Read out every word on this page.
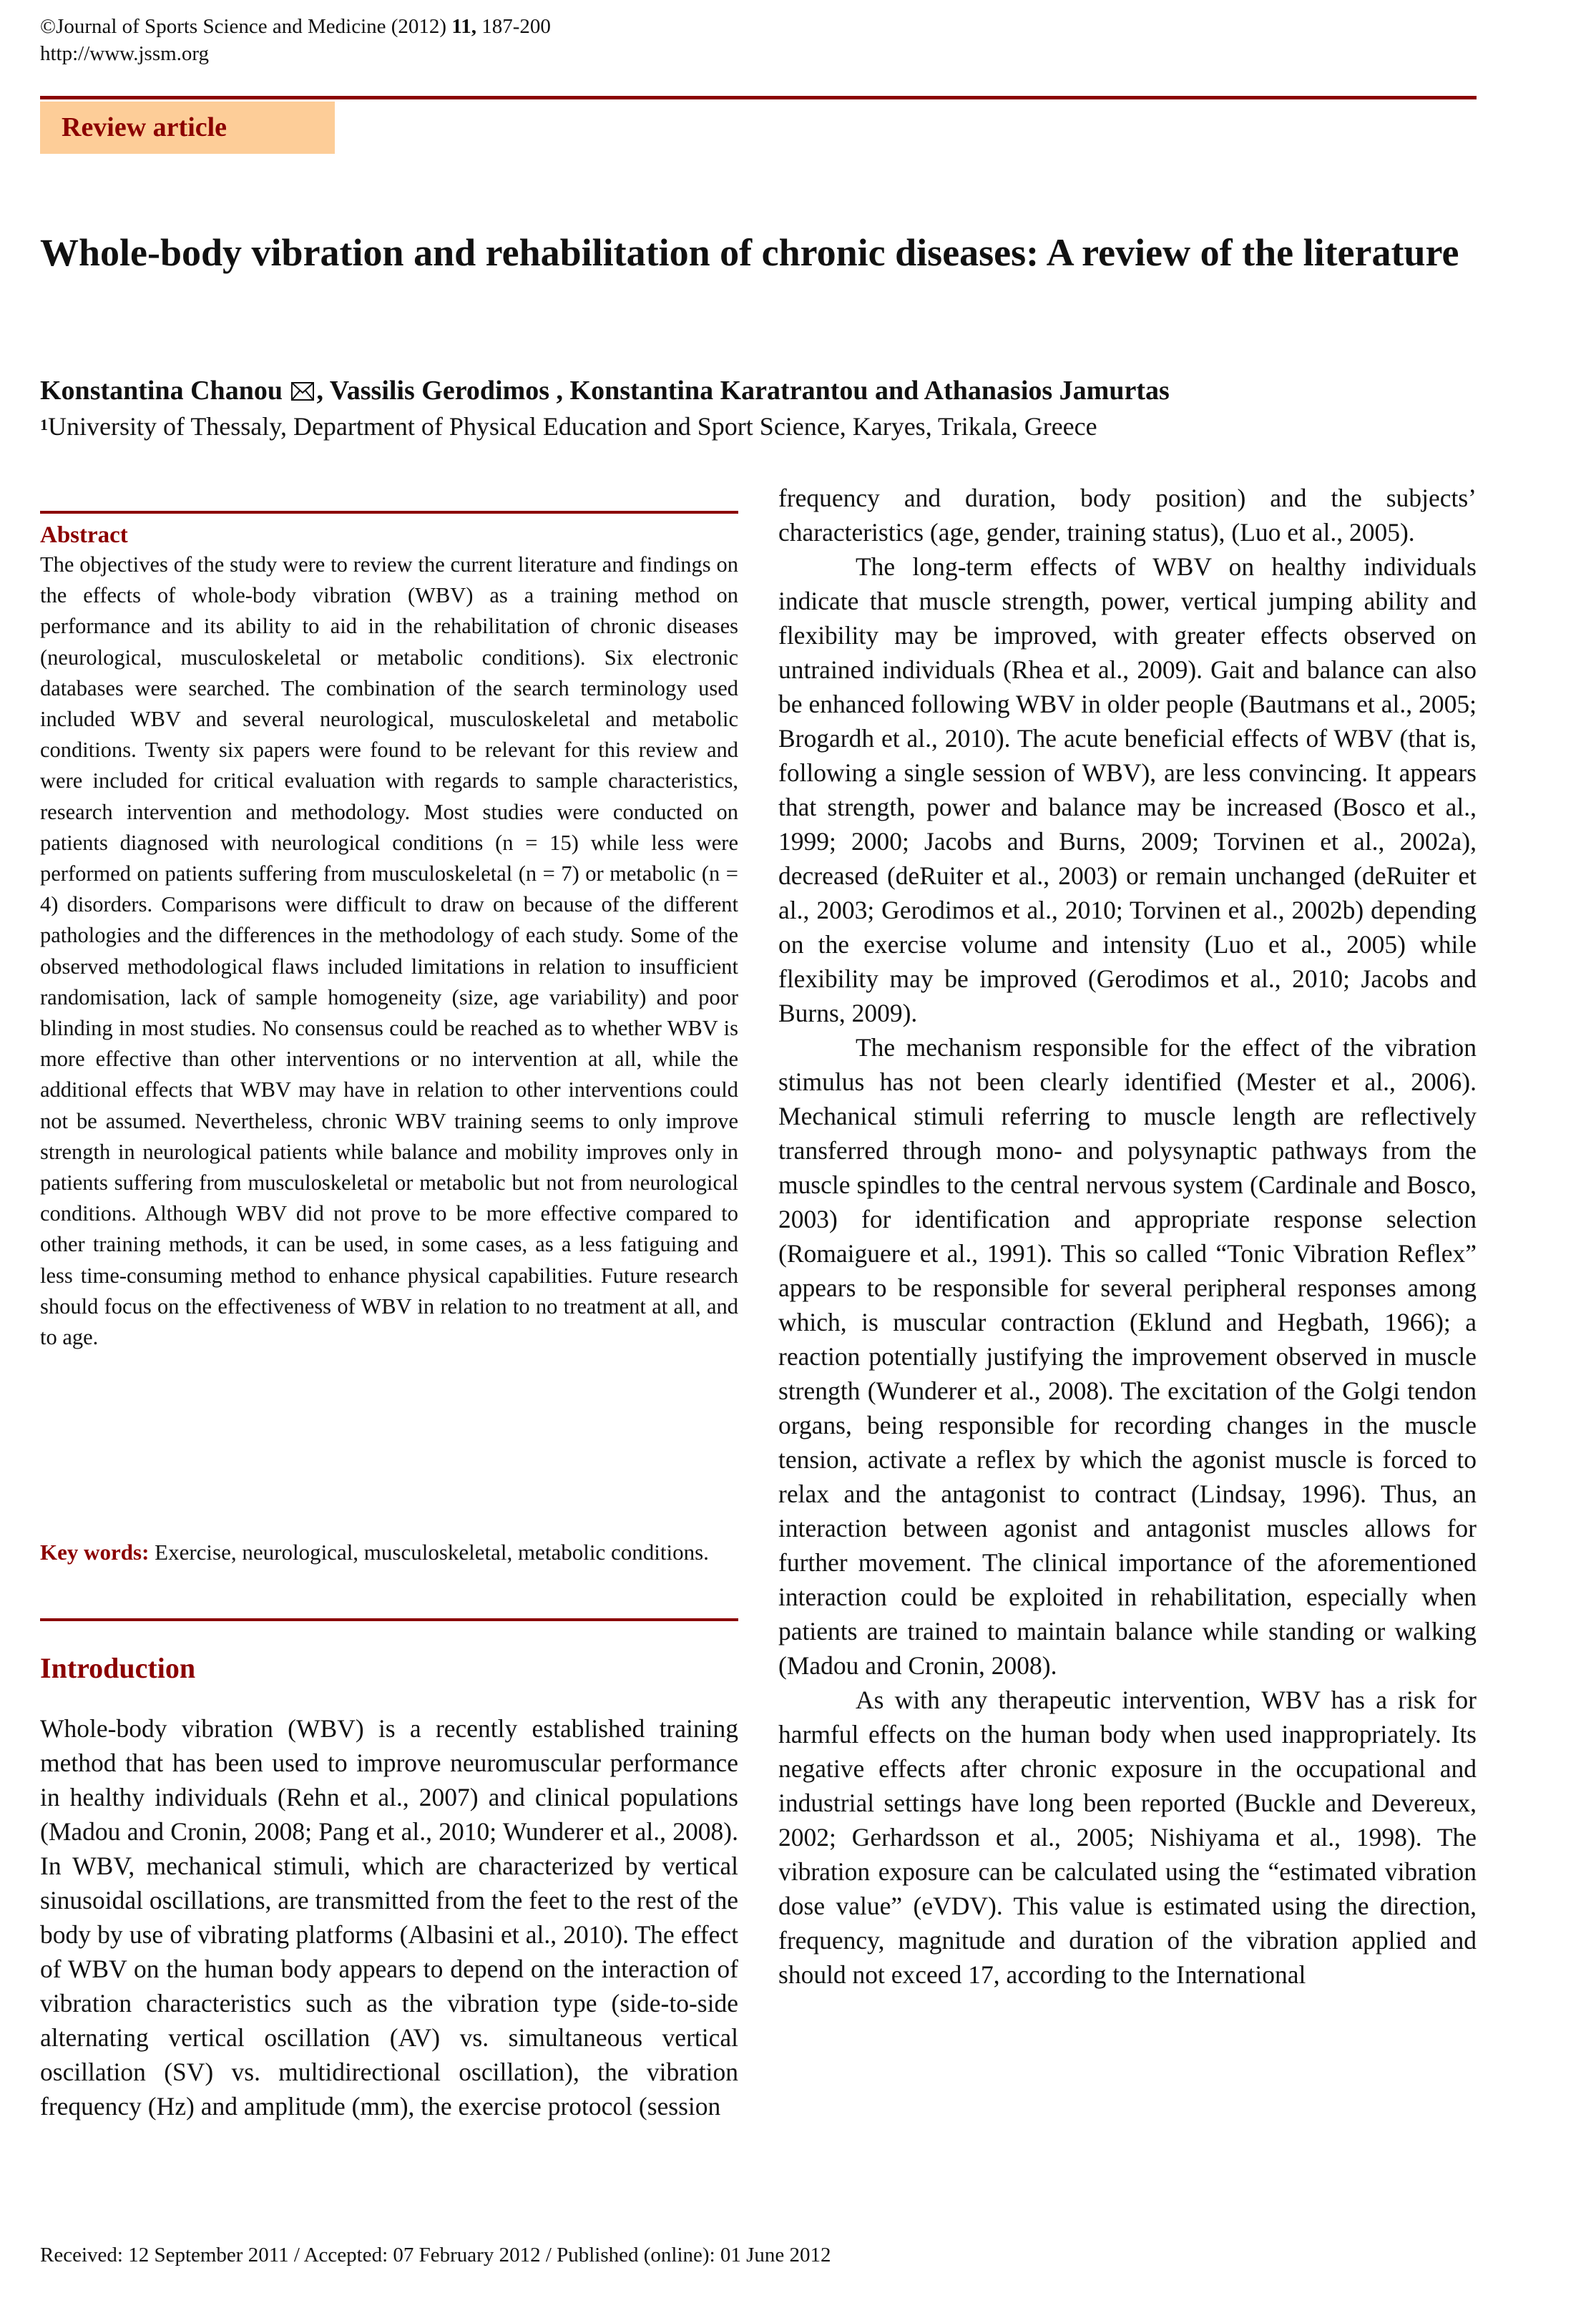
©Journal of Sports Science and Medicine (2012) 11, 187-200
http://www.jssm.org
Review article
Whole-body vibration and rehabilitation of chronic diseases: A review of the literature
Konstantina Chanou , Vassilis Gerodimos , Konstantina Karatrantou and Athanasios Jamurtas
$^1$University of Thessaly, Department of Physical Education and Sport Science, Karyes, Trikala, Greece
Abstract
The objectives of the study were to review the current literature and findings on the effects of whole-body vibration (WBV) as a training method on performance and its ability to aid in the rehabilitation of chronic diseases (neurological, musculoskeletal or metabolic conditions). Six electronic databases were searched. The combination of the search terminology used included WBV and several neurological, musculoskeletal and metabolic conditions. Twenty six papers were found to be relevant for this review and were included for critical evaluation with regards to sample characteristics, research intervention and methodology. Most studies were conducted on patients diagnosed with neurological conditions (n = 15) while less were performed on patients suffering from musculoskeletal (n = 7) or metabolic (n = 4) disorders. Comparisons were difficult to draw on because of the different pathologies and the differences in the methodology of each study. Some of the observed methodological flaws included limitations in relation to insufficient randomisation, lack of sample homogeneity (size, age variability) and poor blinding in most studies. No consensus could be reached as to whether WBV is more effective than other interventions or no intervention at all, while the additional effects that WBV may have in relation to other interventions could not be assumed. Nevertheless, chronic WBV training seems to only improve strength in neurological patients while balance and mobility improves only in patients suffering from musculoskeletal or metabolic but not from neurological conditions. Although WBV did not prove to be more effective compared to other training methods, it can be used, in some cases, as a less fatiguing and less time-consuming method to enhance physical capabilities. Future research should focus on the effectiveness of WBV in relation to no treatment at all, and to age.
Key words: Exercise, neurological, musculoskeletal, metabolic conditions.
Introduction

Whole-body vibration (WBV) is a recently established training method that has been used to improve neuromuscular performance in healthy individuals (Rehn et al., 2007) and clinical populations (Madou and Cronin, 2008; Pang et al., 2010; Wunderer et al., 2008). In WBV, mechanical stimuli, which are characterized by vertical sinusoidal oscillations, are transmitted from the feet to the rest of the body by use of vibrating platforms (Albasini et al., 2010). The effect of WBV on the human body appears to depend on the interaction of vibration characteristics such as the vibration type (side-to-side alternating vertical oscillation (AV) vs. simultaneous vertical oscillation (SV) vs. multidirectional oscillation), the vibration frequency (Hz) and amplitude (mm), the exercise protocol (session

frequency and duration, body position) and the subjects’ characteristics (age, gender, training status), (Luo et al., 2005).

The long-term effects of WBV on healthy individuals indicate that muscle strength, power, vertical jumping ability and flexibility may be improved, with greater effects observed on untrained individuals (Rhea et al., 2009). Gait and balance can also be enhanced following WBV in older people (Bautmans et al., 2005; Brogardh et al., 2010). The acute beneficial effects of WBV (that is, following a single session of WBV), are less convincing. It appears that strength, power and balance may be increased (Bosco et al., 1999; 2000; Jacobs and Burns, 2009; Torvinen et al., 2002a), decreased (deRuiter et al., 2003) or remain unchanged (deRuiter et al., 2003; Gerodimos et al., 2010; Torvinen et al., 2002b) depending on the exercise volume and intensity (Luo et al., 2005) while flexibility may be improved (Gerodimos et al., 2010; Jacobs and Burns, 2009).

The mechanism responsible for the effect of the vibration stimulus has not been clearly identified (Mester et al., 2006). Mechanical stimuli referring to muscle length are reflectively transferred through mono- and polysynaptic pathways from the muscle spindles to the central nervous system (Cardinale and Bosco, 2003) for identification and appropriate response selection (Romaiguere et al., 1991). This so called “Tonic Vibration Reflex” appears to be responsible for several peripheral responses among which, is muscular contraction (Eklund and Hegbath, 1966); a reaction potentially justifying the improvement observed in muscle strength (Wunderer et al., 2008). The excitation of the Golgi tendon organs, being responsible for recording changes in the muscle tension, activate a reflex by which the agonist muscle is forced to relax and the antagonist to contract (Lindsay, 1996). Thus, an interaction between agonist and antagonist muscles allows for further movement. The clinical importance of the aforementioned interaction could be exploited in rehabilitation, especially when patients are trained to maintain balance while standing or walking (Madou and Cronin, 2008).

As with any therapeutic intervention, WBV has a risk for harmful effects on the human body when used inappropriately. Its negative effects after chronic exposure in the occupational and industrial settings have long been reported (Buckle and Devereux, 2002; Gerhardsson et al., 2005; Nishiyama et al., 1998). The vibration exposure can be calculated using the “estimated vibration dose value” (eVDV). This value is estimated using the direction, frequency, magnitude and duration of the vibration applied and should not exceed 17, according to the International

Received: 12 September 2011 / Accepted: 07 February 2012 / Published (online): 01 June 2012
